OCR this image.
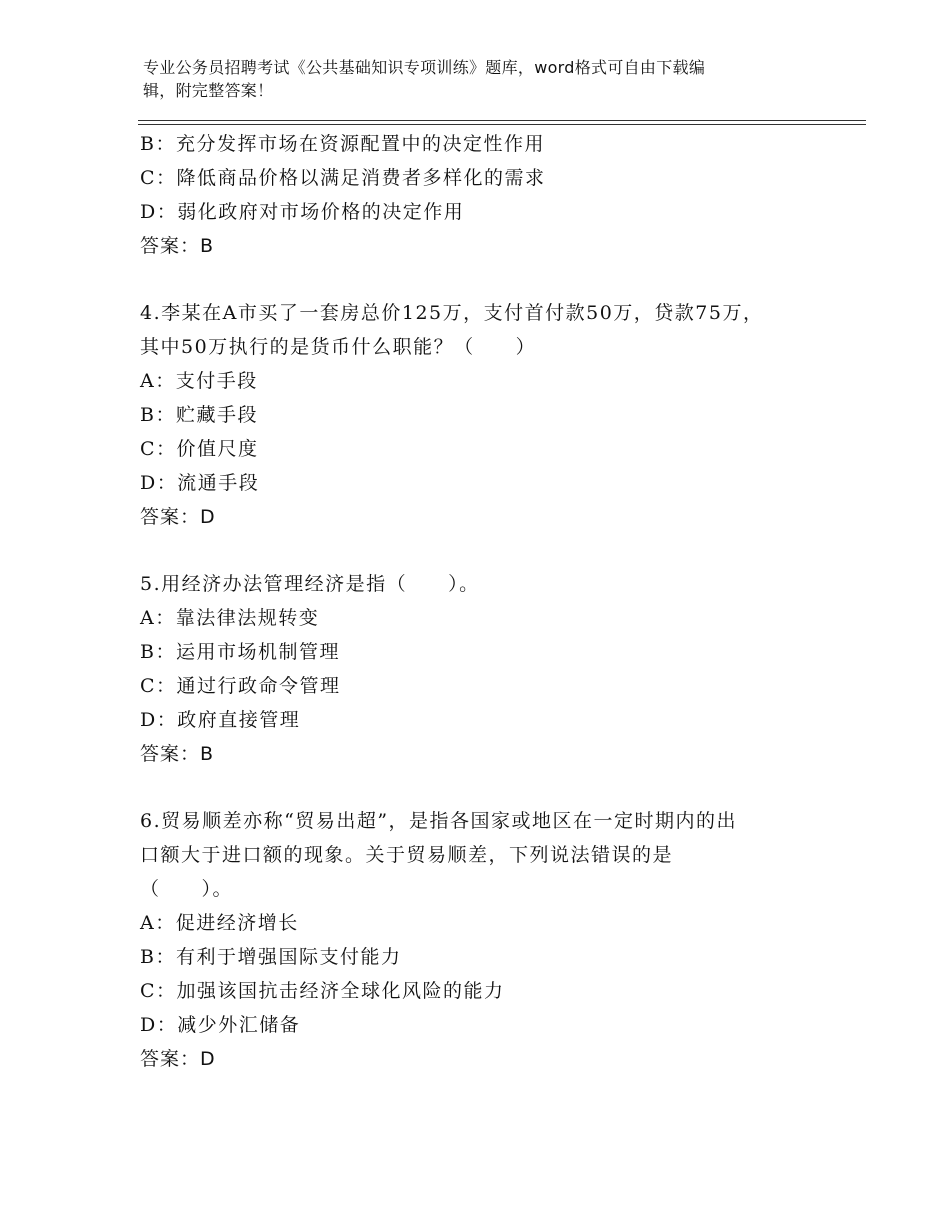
专业公务员招聘考试《公共基础知识专项训练》题库，word格式可自由下载编
辑，附完整答案！
B：充分发挥市场在资源配置中的决定性作用
C：降低商品价格以满足消费者多样化的需求
D：弱化政府对市场价格的决定作用
答案：B
4.李某在A市买了一套房总价125万，支付首付款50万，贷款75万，
其中50万执行的是货币什么职能？（　　）
A：支付手段
B：贮藏手段
C：价值尺度
D：流通手段
答案：D
5.用经济办法管理经济是指（　　）。
A：靠法律法规转变
B：运用市场机制管理
C：通过行政命令管理
D：政府直接管理
答案：B
6.贸易顺差亦称“贸易出超”，是指各国家或地区在一定时期内的出
口额大于进口额的现象。关于贸易顺差，下列说法错误的是
（　　）。
A：促进经济增长
B：有利于增强国际支付能力
C：加强该国抗击经济全球化风险的能力
D：减少外汇储备
答案：D
